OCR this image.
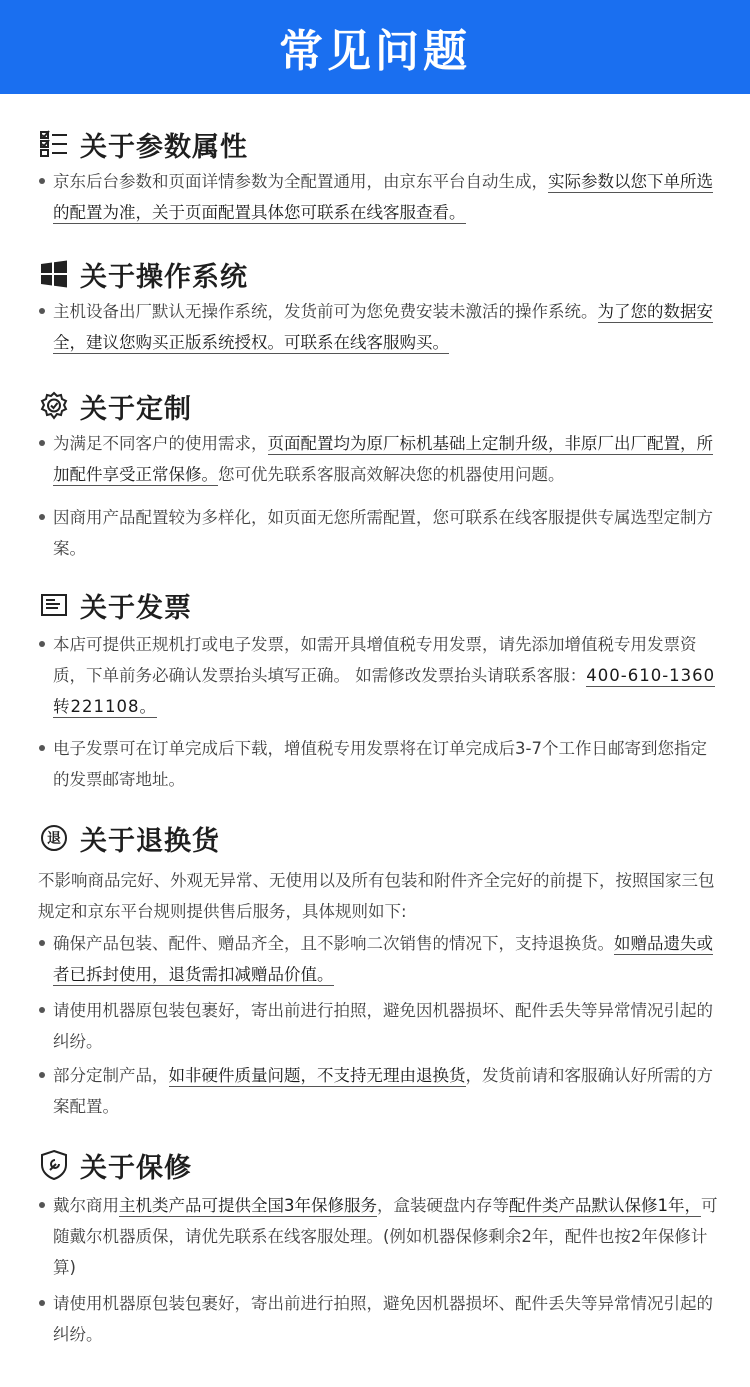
常见问题
关于参数属性
京东后台参数和页面详情参数为全配置通用，由京东平台自动生成，实际参数以您下单所选的配置为准，关于页面配置具体您可联系在线客服查看。
关于操作系统
主机设备出厂默认无操作系统，发货前可为您免费安装未激活的操作系统。为了您的数据安全，建议您购买正版系统授权。可联系在线客服购买。
关于定制
为满足不同客户的使用需求，页面配置均为原厂标机基础上定制升级，非原厂出厂配置，所加配件享受正常保修。您可优先联系客服高效解决您的机器使用问题。
因商用产品配置较为多样化，如页面无您所需配置，您可联系在线客服提供专属选型定制方案。
关于发票
本店可提供正规机打或电子发票，如需开具增值税专用发票，请先添加增值税专用发票资质，下单前务必确认发票抬头填写正确。 如需修改发票抬头请联系客服：400-610-1360转221108。
电子发票可在订单完成后下载，增值税专用发票将在订单完成后3-7个工作日邮寄到您指定的发票邮寄地址。
退 关于退换货
不影响商品完好、外观无异常、无使用以及所有包装和附件齐全完好的前提下，按照国家三包规定和京东平台规则提供售后服务，具体规则如下:
确保产品包装、配件、赠品齐全，且不影响二次销售的情况下，支持退换货。如赠品遗失或者已拆封使用，退货需扣减赠品价值。
请使用机器原包装包裹好，寄出前进行拍照，避免因机器损坏、配件丢失等异常情况引起的纠纷。
部分定制产品，如非硬件质量问题，不支持无理由退换货，发货前请和客服确认好所需的方案配置。
关于保修
戴尔商用主机类产品可提供全国3年保修服务，盒装硬盘内存等配件类产品默认保修1年，可随戴尔机器质保，请优先联系在线客服处理。(例如机器保修剩余2年，配件也按2年保修计算)
请使用机器原包装包裹好，寄出前进行拍照，避免因机器损坏、配件丢失等异常情况引起的纠纷。
